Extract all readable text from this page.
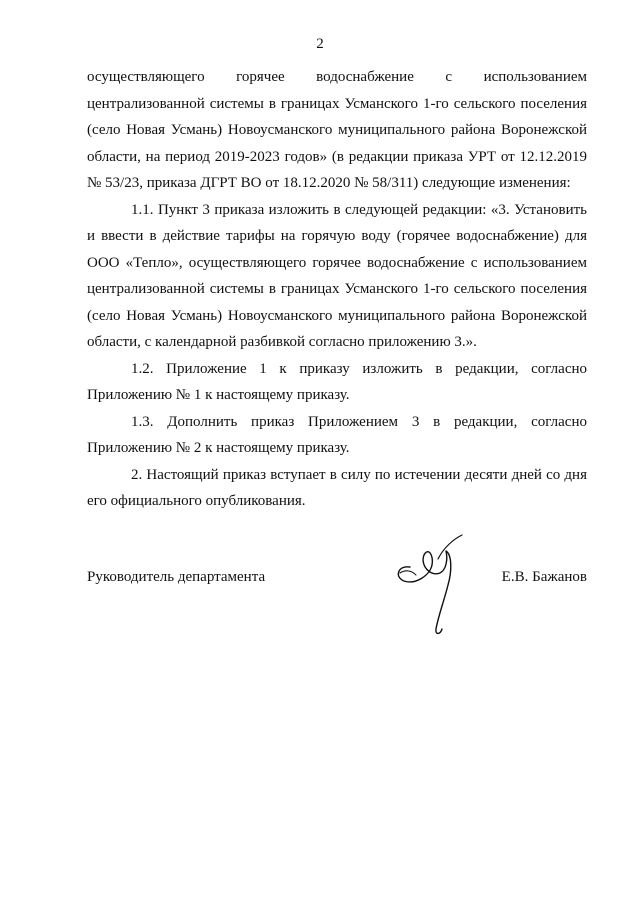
2

осуществляющего горячее водоснабжение с использованием централизованной системы в границах Усманского 1-го сельского поселения (село Новая Усмань) Новоусманского муниципального района Воронежской области, на период 2019-2023 годов» (в редакции приказа УРТ от 12.12.2019 № 53/23, приказа ДГРТ ВО от 18.12.2020 № 58/311) следующие изменения:

1.1. Пункт 3 приказа изложить в следующей редакции: «3. Установить и ввести в действие тарифы на горячую воду (горячее водоснабжение) для ООО «Тепло», осуществляющего горячее водоснабжение с использованием централизованной системы в границах Усманского 1-го сельского поселения (село Новая Усмань) Новоусманского муниципального района Воронежской области, с календарной разбивкой согласно приложению 3.».

1.2. Приложение 1 к приказу изложить в редакции, согласно Приложению № 1 к настоящему приказу.

1.3. Дополнить приказ Приложением 3 в редакции, согласно Приложению № 2 к настоящему приказу.

2. Настоящий приказ вступает в силу по истечении десяти дней со дня его официального опубликования.

Руководитель департамента	Е.В. Бажанов
